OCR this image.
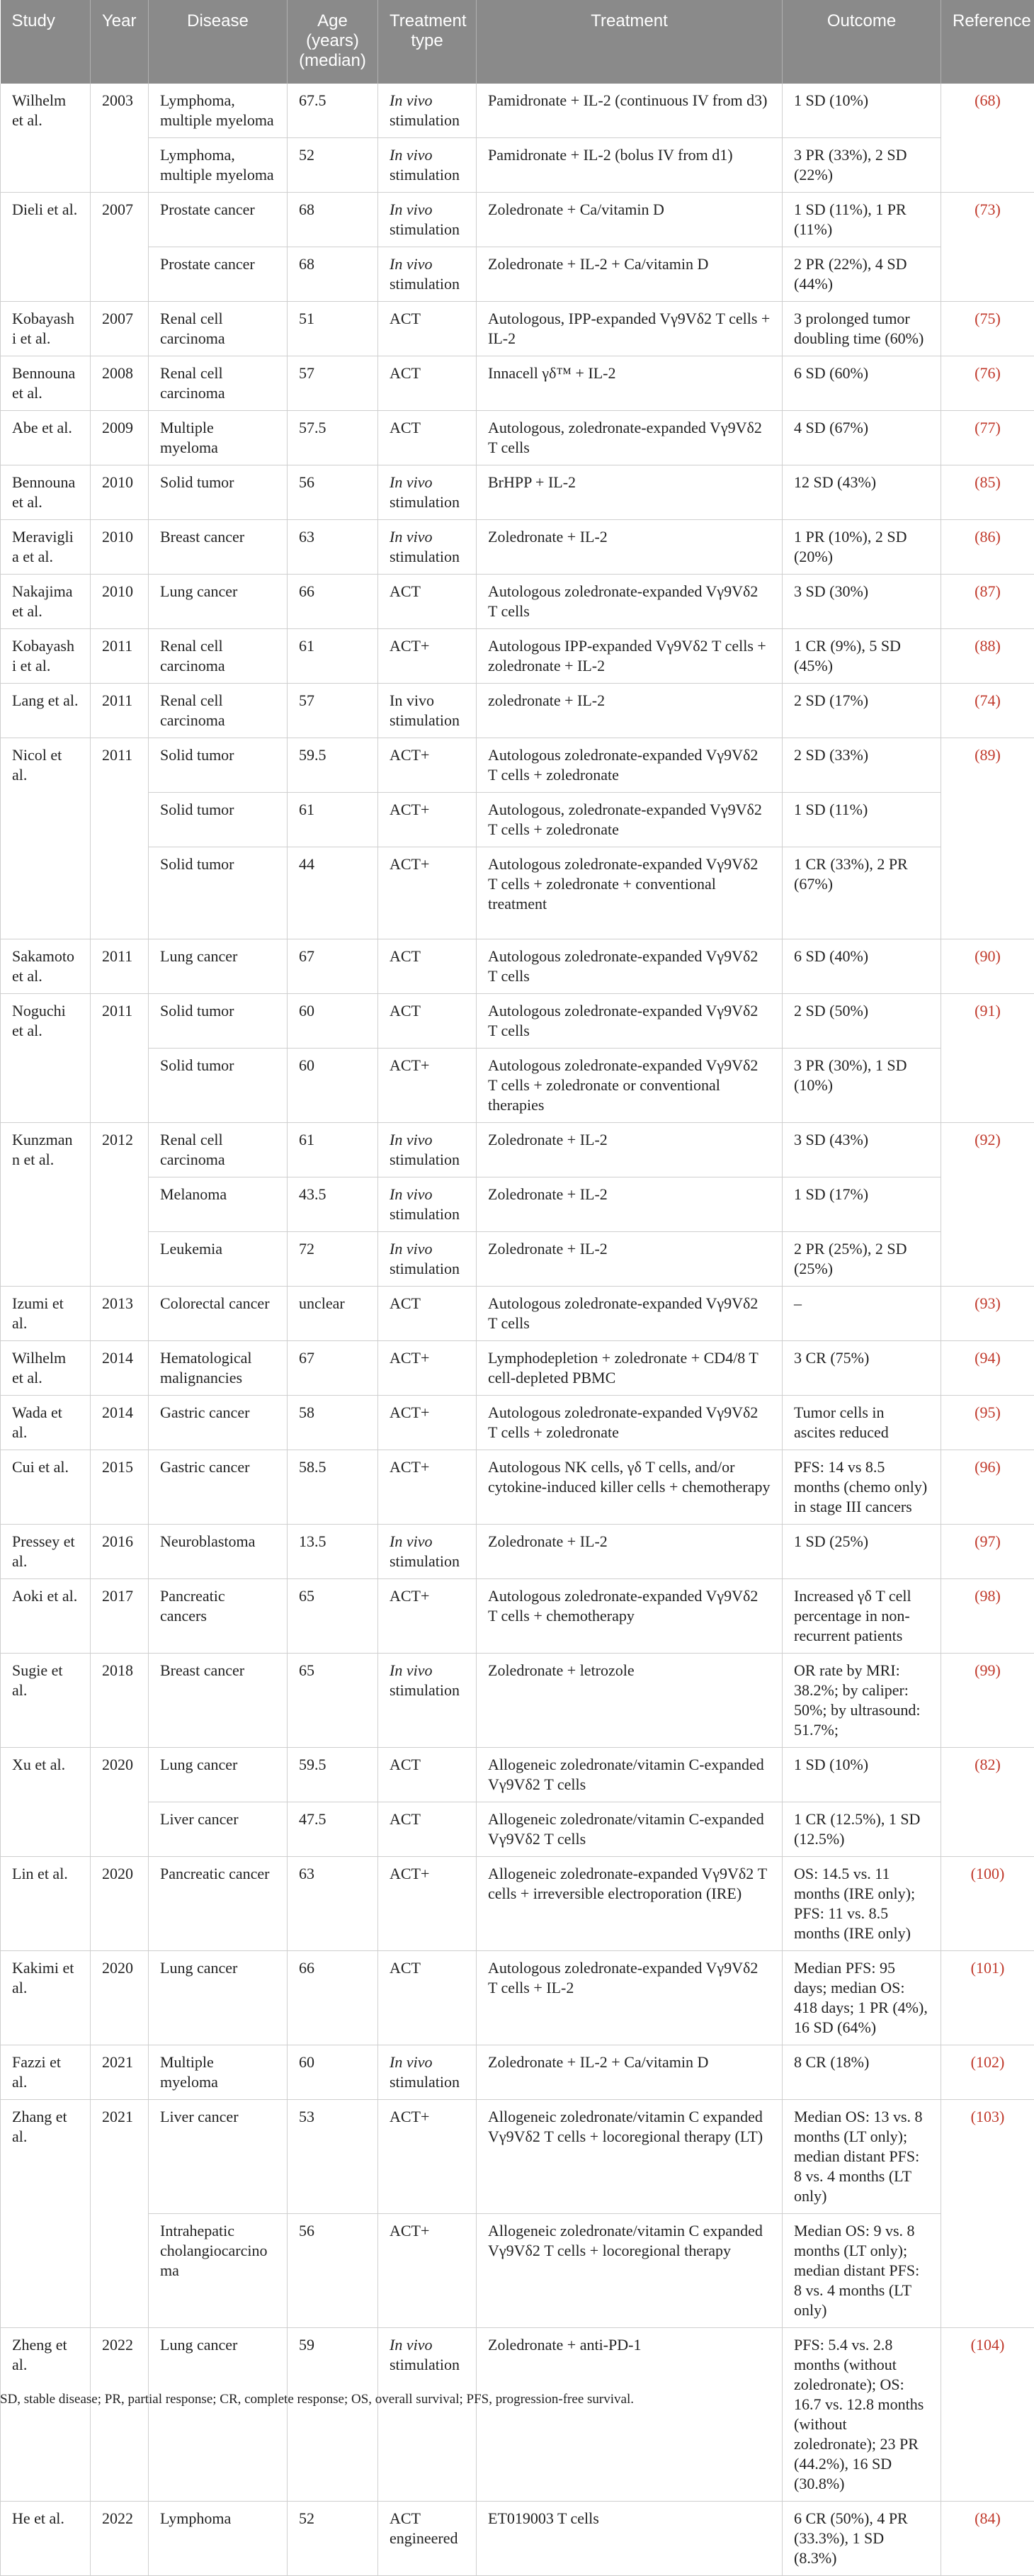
Study	Year	Disease	Age (years) (median)	Treatment type	Treatment	Outcome	Reference
Wilhelm et al.	2003	Lymphoma, multiple myeloma	67.5	In vivo stimulation	Pamidronate + IL-2 (continuous IV from d3)	1 SD (10%)	(68)
		Lymphoma, multiple myeloma	52	In vivo stimulation	Pamidronate + IL-2 (bolus IV from d1)	3 PR (33%), 2 SD (22%)	
Dieli et al.	2007	Prostate cancer	68	In vivo stimulation	Zoledronate + Ca/vitamin D	1 SD (11%), 1 PR (11%)	(73)
		Prostate cancer	68	In vivo stimulation	Zoledronate + IL-2 + Ca/vitamin D	2 PR (22%), 4 SD (44%)	
Kobayashi et al.	2007	Renal cell carcinoma	51	ACT	Autologous, IPP-expanded Vγ9Vδ2 T cells + IL-2	3 prolonged tumor doubling time (60%)	(75)
Bennouna et al.	2008	Renal cell carcinoma	57	ACT	Innacell γδ™ + IL-2	6 SD (60%)	(76)
Abe et al.	2009	Multiple myeloma	57.5	ACT	Autologous, zoledronate-expanded Vγ9Vδ2 T cells	4 SD (67%)	(77)
Bennouna et al.	2010	Solid tumor	56	In vivo stimulation	BrHPP + IL-2	12 SD (43%)	(85)
Meraviglia et al.	2010	Breast cancer	63	In vivo stimulation	Zoledronate + IL-2	1 PR (10%), 2 SD (20%)	(86)
Nakajima et al.	2010	Lung cancer	66	ACT	Autologous zoledronate-expanded Vγ9Vδ2 T cells	3 SD (30%)	(87)
Kobayashi et al.	2011	Renal cell carcinoma	61	ACT+	Autologous IPP-expanded Vγ9Vδ2 T cells + zoledronate + IL-2	1 CR (9%), 5 SD (45%)	(88)
Lang et al.	2011	Renal cell carcinoma	57	In vivo stimulation	zoledronate + IL-2	2 SD (17%)	(74)
Nicol et al.	2011	Solid tumor	59.5	ACT+	Autologous zoledronate-expanded Vγ9Vδ2 T cells + zoledronate	2 SD (33%)	(89)
		Solid tumor	61	ACT+	Autologous, zoledronate-expanded Vγ9Vδ2 T cells + zoledronate	1 SD (11%)	
		Solid tumor	44	ACT+	Autologous zoledronate-expanded Vγ9Vδ2 T cells + zoledronate + conventional treatment	1 CR (33%), 2 PR (67%)	
Sakamoto et al.	2011	Lung cancer	67	ACT	Autologous zoledronate-expanded Vγ9Vδ2 T cells	6 SD (40%)	(90)
Noguchi et al.	2011	Solid tumor	60	ACT	Autologous zoledronate-expanded Vγ9Vδ2 T cells	2 SD (50%)	(91)
		Solid tumor	60	ACT+	Autologous zoledronate-expanded Vγ9Vδ2 T cells + zoledronate or conventional therapies	3 PR (30%), 1 SD (10%)	
Kunzmann et al.	2012	Renal cell carcinoma	61	In vivo stimulation	Zoledronate + IL-2	3 SD (43%)	(92)
		Melanoma	43.5	In vivo stimulation	Zoledronate + IL-2	1 SD (17%)	
		Leukemia	72	In vivo stimulation	Zoledronate + IL-2	2 PR (25%), 2 SD (25%)	
Izumi et al.	2013	Colorectal cancer	unclear	ACT	Autologous zoledronate-expanded Vγ9Vδ2 T cells	–	(93)
Wilhelm et al.	2014	Hematological malignancies	67	ACT+	Lymphodepletion + zoledronate + CD4/8 T cell-depleted PBMC	3 CR (75%)	(94)
Wada et al.	2014	Gastric cancer	58	ACT+	Autologous zoledronate-expanded Vγ9Vδ2 T cells + zoledronate	Tumor cells in ascites reduced	(95)
Cui et al.	2015	Gastric cancer	58.5	ACT+	Autologous NK cells, γδ T cells, and/or cytokine-induced killer cells + chemotherapy	PFS: 14 vs 8.5 months (chemo only) in stage III cancers	(96)
Pressey et al.	2016	Neuroblastoma	13.5	In vivo stimulation	Zoledronate + IL-2	1 SD (25%)	(97)
Aoki et al.	2017	Pancreatic cancers	65	ACT+	Autologous zoledronate-expanded Vγ9Vδ2 T cells + chemotherapy	Increased γδ T cell percentage in non-recurrent patients	(98)
Sugie et al.	2018	Breast cancer	65	In vivo stimulation	Zoledronate + letrozole	OR rate by MRI: 38.2%; by caliper: 50%; by ultrasound: 51.7%;	(99)
Xu et al.	2020	Lung cancer	59.5	ACT	Allogeneic zoledronate/vitamin C-expanded Vγ9Vδ2 T cells	1 SD (10%)	(82)
		Liver cancer	47.5	ACT	Allogeneic zoledronate/vitamin C-expanded Vγ9Vδ2 T cells	1 CR (12.5%), 1 SD (12.5%)	
Lin et al.	2020	Pancreatic cancer	63	ACT+	Allogeneic zoledronate-expanded Vγ9Vδ2 T cells + irreversible electroporation (IRE)	OS: 14.5 vs. 11 months (IRE only); PFS: 11 vs. 8.5 months (IRE only)	(100)
Kakimi et al.	2020	Lung cancer	66	ACT	Autologous zoledronate-expanded Vγ9Vδ2 T cells + IL-2	Median PFS: 95 days; median OS: 418 days; 1 PR (4%), 16 SD (64%)	(101)
Fazzi et al.	2021	Multiple myeloma	60	In vivo stimulation	Zoledronate + IL-2 + Ca/vitamin D	8 CR (18%)	(102)
Zhang et al.	2021	Liver cancer	53	ACT+	Allogeneic zoledronate/vitamin C expanded Vγ9Vδ2 T cells + locoregional therapy (LT)	Median OS: 13 vs. 8 months (LT only); median distant PFS: 8 vs. 4 months (LT only)	(103)
		Intrahepatic cholangiocarcinoma	56	ACT+	Allogeneic zoledronate/vitamin C expanded Vγ9Vδ2 T cells + locoregional therapy	Median OS: 9 vs. 8 months (LT only); median distant PFS: 8 vs. 4 months (LT only)	
Zheng et al.	2022	Lung cancer	59	In vivo stimulation	Zoledronate + anti-PD-1	PFS: 5.4 vs. 2.8 months (without zoledronate); OS: 16.7 vs. 12.8 months (without zoledronate); 23 PR (44.2%), 16 SD (30.8%)	(104)
He et al.	2022	Lymphoma	52	ACT engineered	ET019003 T cells	6 CR (50%), 4 PR (33.3%), 1 SD (8.3%)	(84)
SD, stable disease; PR, partial response; CR, complete response; OS, overall survival; PFS, progression-free survival.
